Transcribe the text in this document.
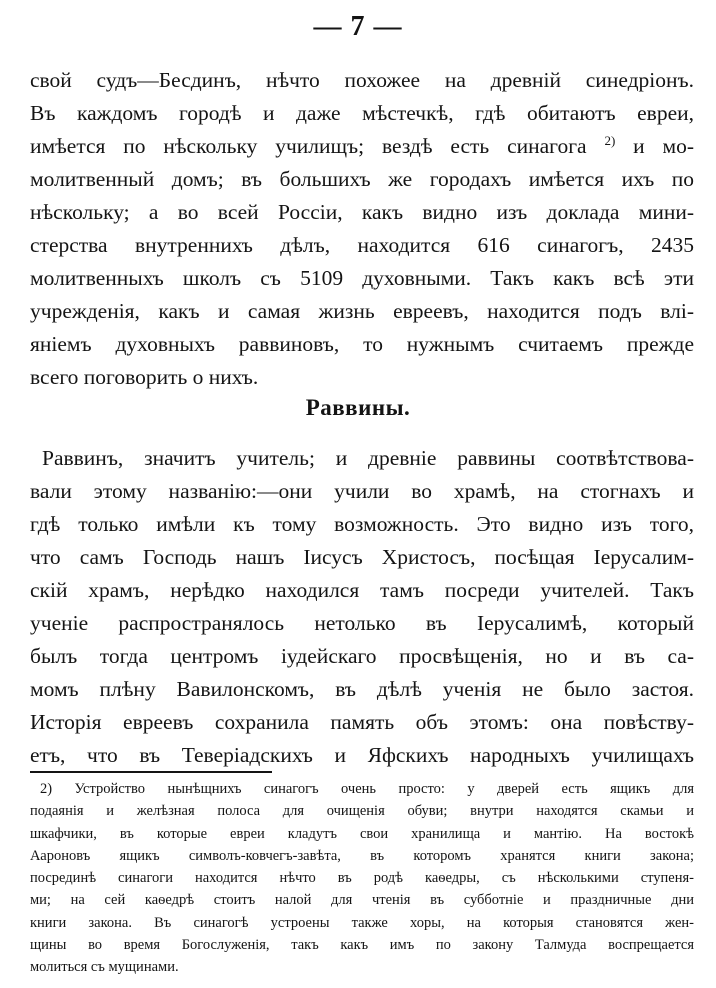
— 7 —
свой судъ—Бесдинъ, нѣчто похожее на древній синедріонъ.
Въ каждомъ городѣ и даже мѣстечкѣ, гдѣ обитаютъ евреи,
имѣется по нѣскольку училищъ; вездѣ есть синагога $^{2)}$ и мо-
молитвенный домъ; въ большихъ же городахъ имѣется ихъ по
нѣскольку; а во всей Россіи, какъ видно изъ доклада мини-
стерства внутреннихъ дѣлъ, находится 616 синагогъ, 2435
молитвенныхъ школъ съ 5109 духовными. Такъ какъ всѣ эти
учрежденія, какъ и самая жизнь евреевъ, находится подъ влі-
яніемъ духовныхъ раввиновъ, то нужнымъ считаемъ прежде
всего поговорить о нихъ.
Раввины.
Раввинъ, значитъ учитель; и древніе раввины соотвѣтствова-
вали этому названію:—они учили во храмѣ, на стогнахъ и
гдѣ только имѣли къ тому возможность. Это видно изъ того,
что самъ Господь нашъ Іисусъ Христосъ, посѣщая Іерусалим-
скій храмъ, нерѣдко находился тамъ посреди учителей. Такъ
ученіе распространялось нетолько въ Іерусалимѣ, который
былъ тогда центромъ іудейскаго просвѣщенія, но и въ са-
момъ плѣну Вавилонскомъ, въ дѣлѣ ученія не было застоя.
Исторія евреевъ сохранила память объ этомъ: она повѣству-
етъ, что въ Теверіадскихъ и Яфскихъ народныхъ училищахъ
2) Устройство нынѣщнихъ синагогъ очень просто: у дверей есть ящикъ для
подаянія и желѣзная полоса для очищенія обуви; внутри находятся скамьи и
шкафчики, въ которые евреи кладутъ свои хранилища и мантію. На востокѣ
Аароновъ ящикъ символъ-ковчегъ-завѣта, въ которомъ хранятся книги закона;
посрединѣ синагоги находится нѣчто въ родѣ каѳедры, съ нѣсколькими ступеня-
ми; на сей каѳедрѣ стоитъ налой для чтенія въ субботніе и праздничные дни
книги закона. Въ синагогѣ устроены также хоры, на которыя становятся жен-
щины во время Богослуженія, такъ какъ имъ по закону Талмуда воспрещается
молиться съ мущинами.
